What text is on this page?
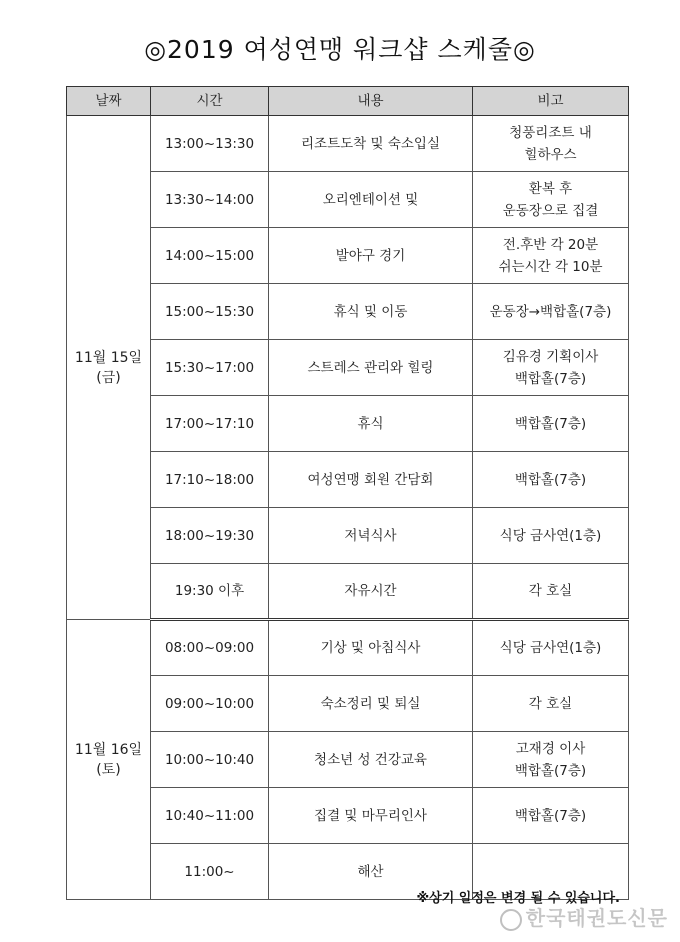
◎2019 여성연맹 워크샵 스케줄◎
날짜	시간	내용	비고

11월 15일
(금)	13:00~13:30	리조트도착 및 숙소입실	청풍리조트 내
힐하우스

	13:30~14:00	오리엔테이션 및	환복 후
운동장으로 집결

	14:00~15:00	발야구 경기	전.후반 각 20분
쉬는시간 각 10분

	15:00~15:30	휴식 및 이동	운동장→백합홀(7층)

	15:30~17:00	스트레스 관리와 힐링	김유경 기획이사
백합홀(7층)

	17:00~17:10	휴식	백합홀(7층)

	17:10~18:00	여성연맹 회원 간담회	백합홀(7층)

	18:00~19:30	저녁식사	식당 금사연(1층)

	19:30 이후	자유시간	각 호실

11월 16일
(토)	08:00~09:00	기상 및 아침식사	식당 금사연(1층)

	09:00~10:00	숙소정리 및 퇴실	각 호실

	10:00~10:40	청소년 성 건강교육	고재경 이사
백합홀(7층)

	10:40~11:00	집결 및 마무리인사	백합홀(7층)

	11:00~	해산	
※상기 일정은 변경 될 수 있습니다.
한국태권도신문
